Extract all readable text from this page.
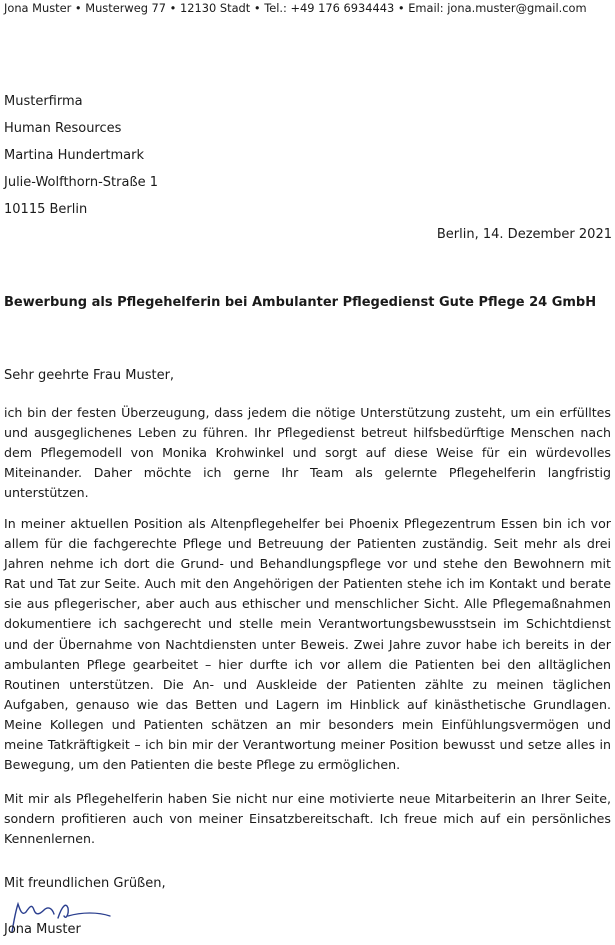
Jona Muster • Musterweg 77 • 12130 Stadt • Tel.: +49 176 6934443 • Email: jona.muster@gmail.com
Musterfirma
Human Resources
Martina Hundertmark
Julie-Wolfthorn-Straße 1
10115 Berlin
Berlin, 14. Dezember 2021
Bewerbung als Pflegehelferin bei Ambulanter Pflegedienst Gute Pflege 24 GmbH
Sehr geehrte Frau Muster,

ich bin der festen Überzeugung, dass jedem die nötige Unterstützung zusteht, um ein erfülltes und ausgeglichenes Leben zu führen. Ihr Pflegedienst betreut hilfsbedürftige Menschen nach dem Pflegemodell von Monika Krohwinkel und sorgt auf diese Weise für ein würdevolles Miteinander. Daher möchte ich gerne Ihr Team als gelernte Pflegehelferin langfristig unterstützen.

In meiner aktuellen Position als Altenpflegehelfer bei Phoenix Pflegezentrum Essen bin ich vor allem für die fachgerechte Pflege und Betreuung der Patienten zuständig. Seit mehr als drei Jahren nehme ich dort die Grund- und Behandlungspflege vor und stehe den Bewohnern mit Rat und Tat zur Seite. Auch mit den Angehörigen der Patienten stehe ich im Kontakt und berate sie aus pflegerischer, aber auch aus ethischer und menschlicher Sicht. Alle Pflegemaßnahmen dokumentiere ich sachgerecht und stelle mein Verantwortungsbewusstsein im Schichtdienst und der Übernahme von Nachtdiensten unter Beweis. Zwei Jahre zuvor habe ich bereits in der ambulanten Pflege gearbeitet – hier durfte ich vor allem die Patienten bei den alltäglichen Routinen unterstützen. Die An- und Auskleide der Patienten zählte zu meinen täglichen Aufgaben, genauso wie das Betten und Lagern im Hinblick auf kinästhetische Grundlagen. Meine Kollegen und Patienten schätzen an mir besonders mein Einfühlungsvermögen und meine Tatkräftigkeit – ich bin mir der Verantwortung meiner Position bewusst und setze alles in Bewegung, um den Patienten die beste Pflege zu ermöglichen.

Mit mir als Pflegehelferin haben Sie nicht nur eine motivierte neue Mitarbeiterin an Ihrer Seite, sondern profitieren auch von meiner Einsatzbereitschaft. Ich freue mich auf ein persönliches Kennenlernen.

Mit freundlichen Grüßen,
Jona Muster
